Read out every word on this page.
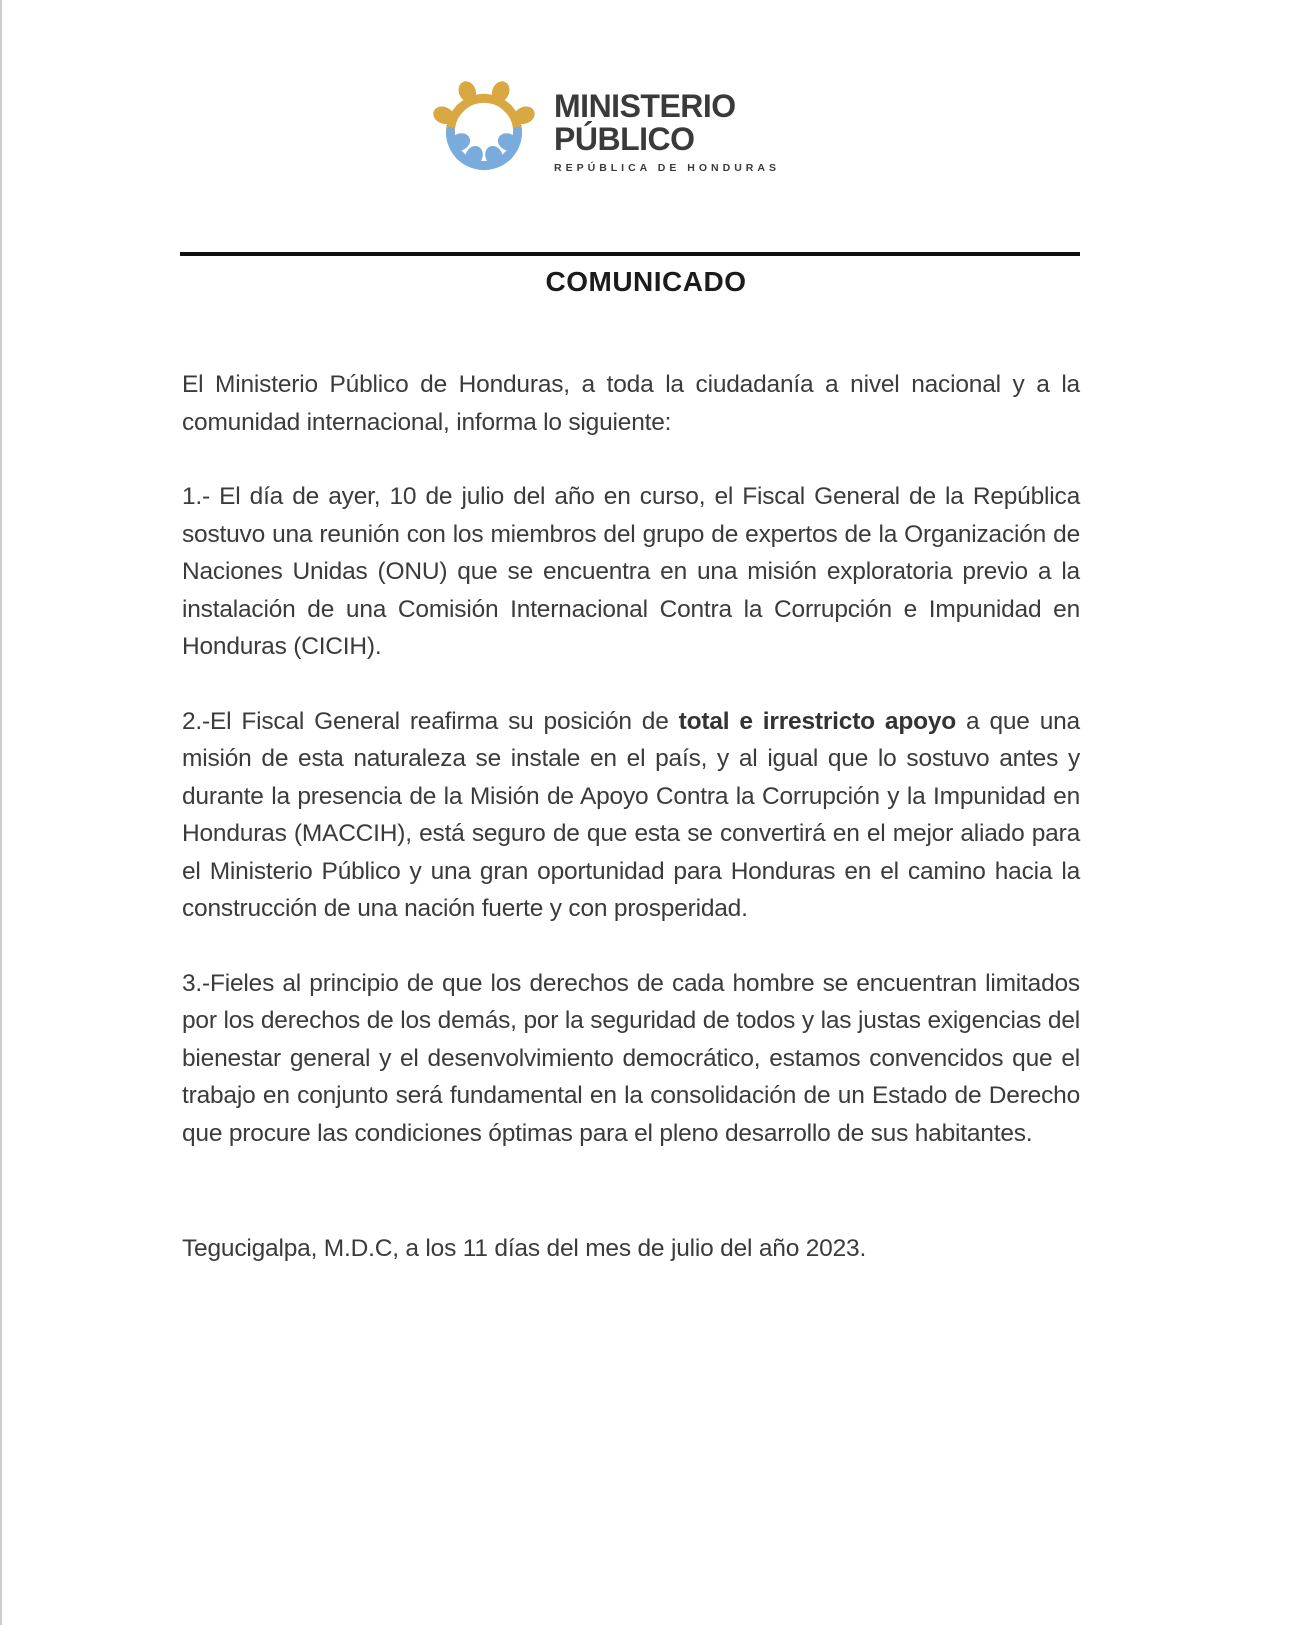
MINISTERIO
PÚBLICO
REPÚBLICA DE HONDURAS
COMUNICADO

El Ministerio Público de Honduras, a toda la ciudadanía a nivel nacional y a la comunidad internacional, informa lo siguiente:

1.- El día de ayer, 10 de julio del año en curso, el Fiscal General de la República sostuvo una reunión con los miembros del grupo de expertos de la Organización de Naciones Unidas (ONU) que se encuentra en una misión exploratoria previo a la instalación de una Comisión Internacional Contra la Corrupción e Impunidad en Honduras (CICIH).

2.-El Fiscal General reafirma su posición de total e irrestricto apoyo a que una misión de esta naturaleza se instale en el país, y al igual que lo sostuvo antes y durante la presencia de la Misión de Apoyo Contra la Corrupción y la Impunidad en Honduras (MACCIH), está seguro de que esta se convertirá en el mejor aliado para el Ministerio Público y una gran oportunidad para Honduras en el camino hacia la construcción de una nación fuerte y con prosperidad.

3.-Fieles al principio de que los derechos de cada hombre se encuentran limitados por los derechos de los demás, por la seguridad de todos y las justas exigencias del bienestar general y el desenvolvimiento democrático, estamos convencidos que el trabajo en conjunto será fundamental en la consolidación de un Estado de Derecho que procure las condiciones óptimas para el pleno desarrollo de sus habitantes.

Tegucigalpa, M.D.C, a los 11 días del mes de julio del año 2023.
